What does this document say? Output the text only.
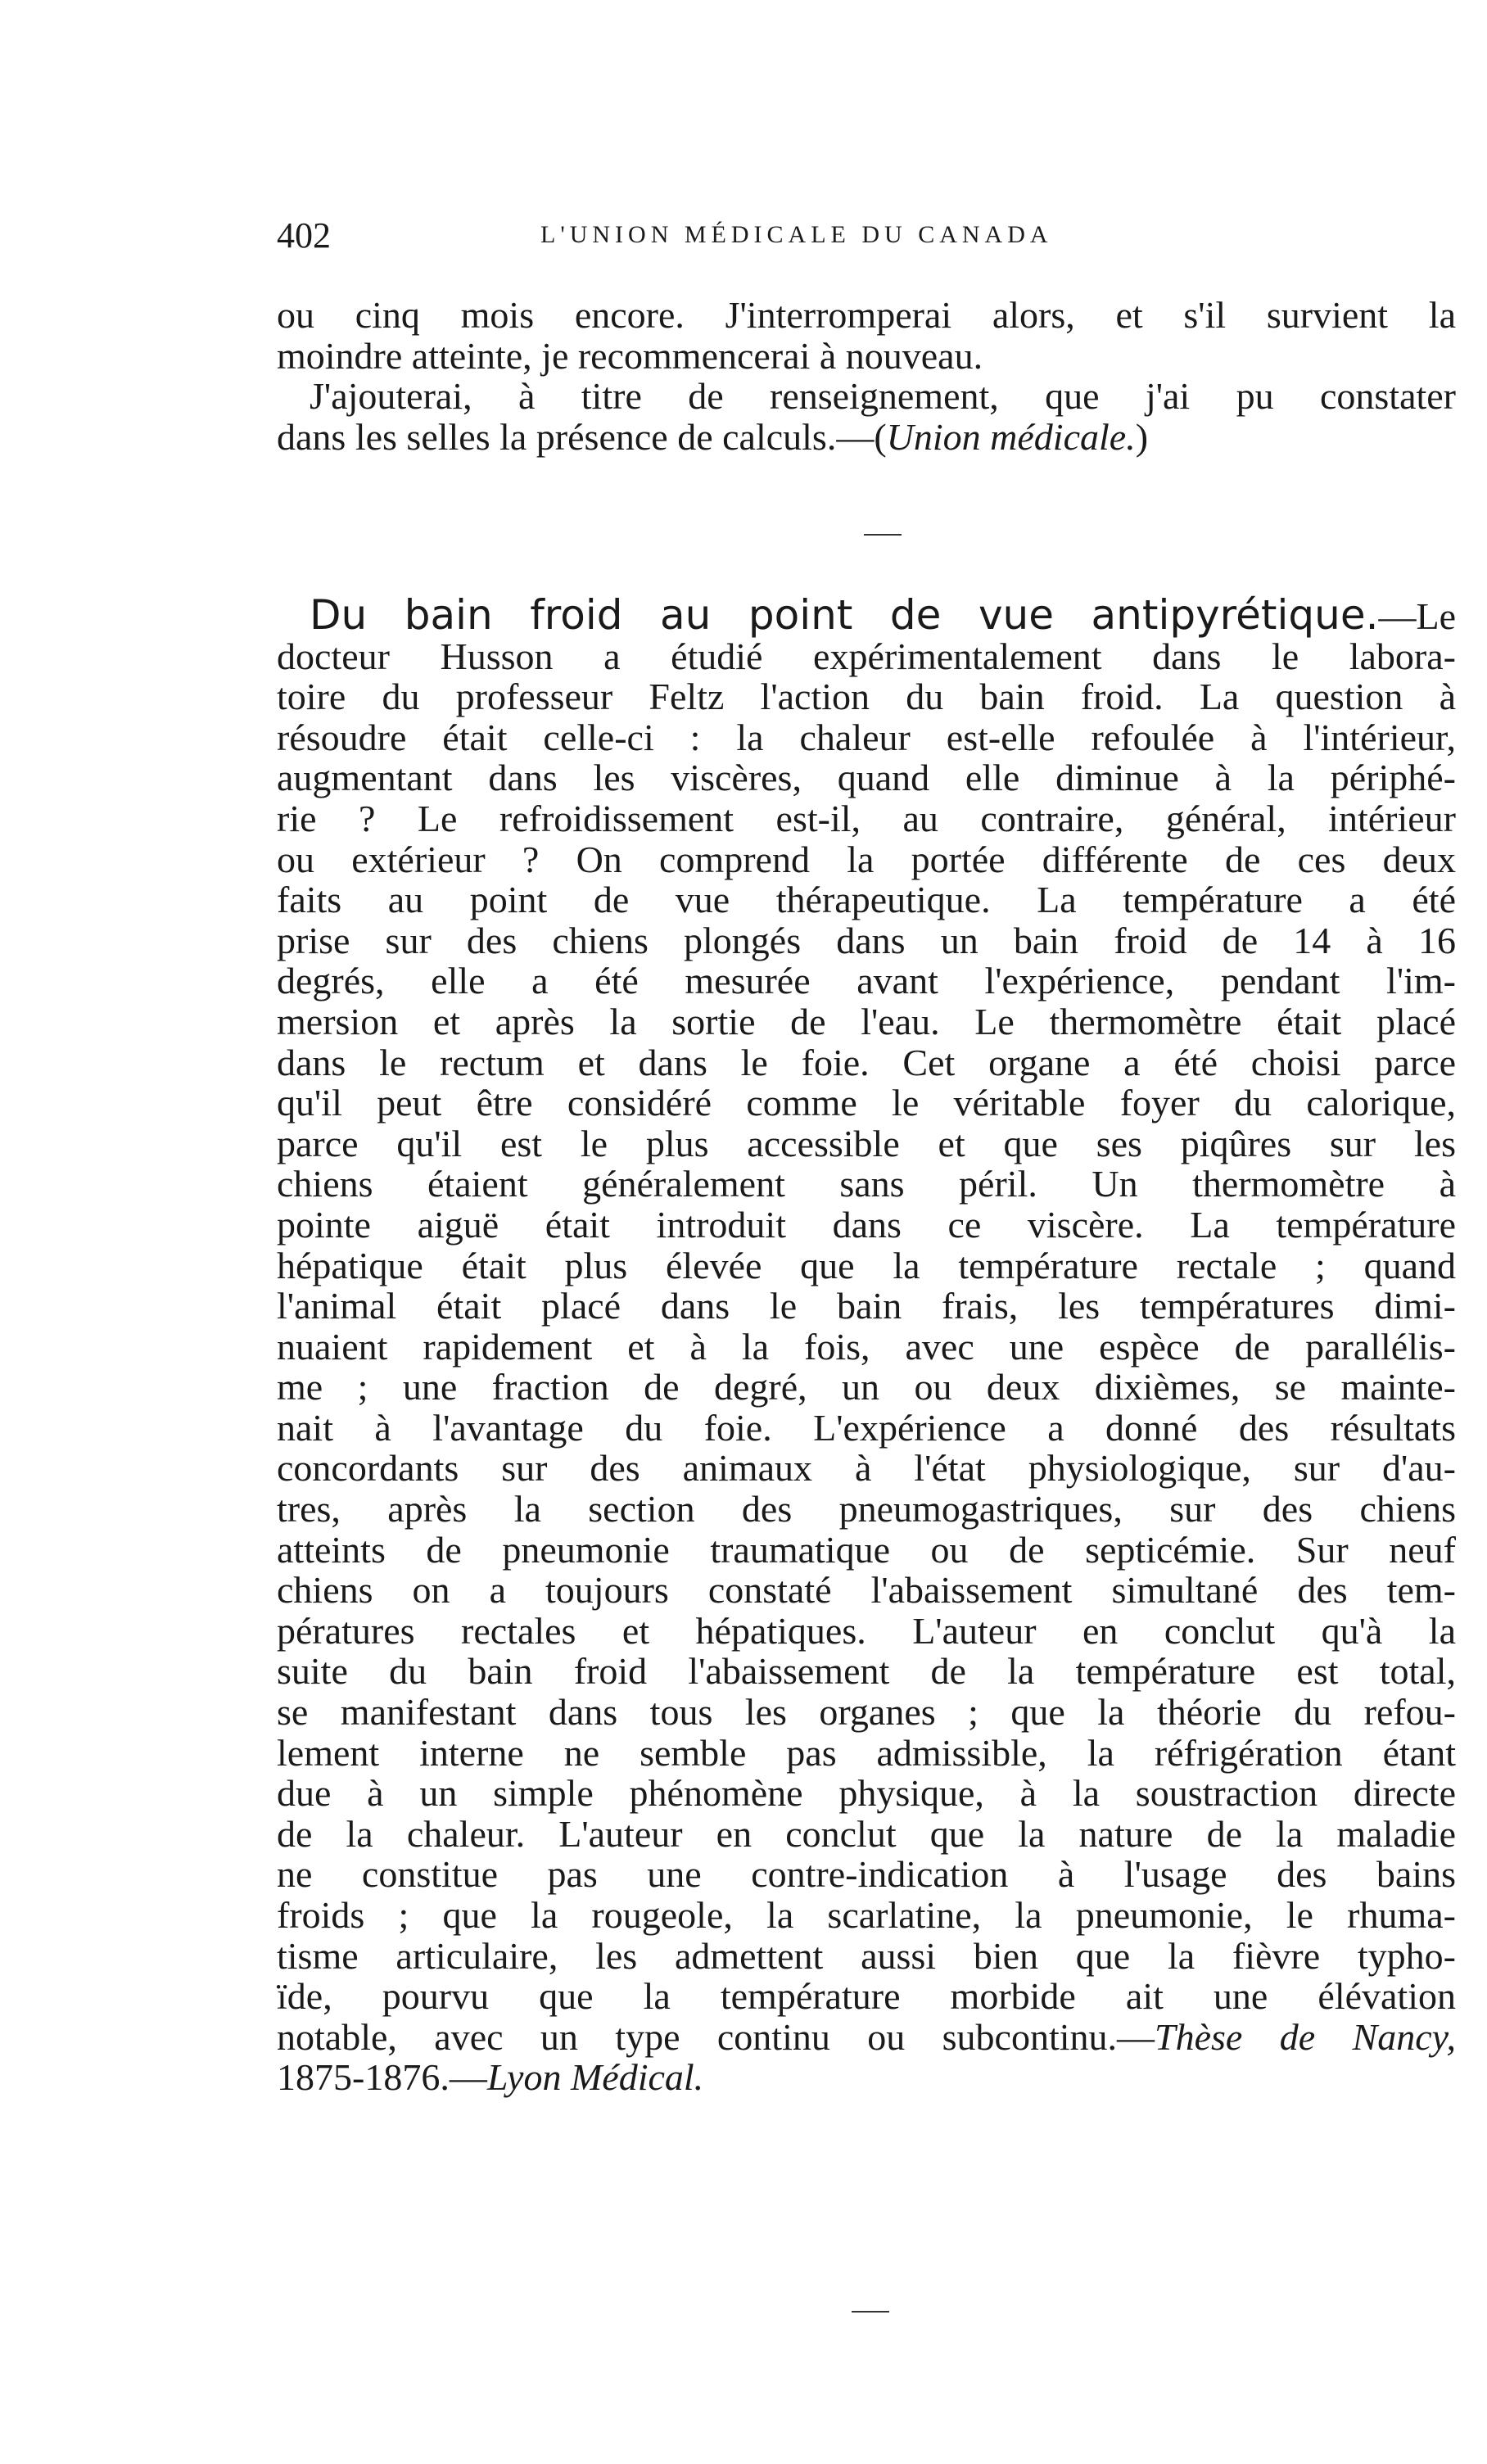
402	L'UNION MÉDICALE DU CANADA
ou cinq mois encore. J'interromperai alors, et s'il survient la
moindre atteinte, je recommencerai à nouveau.
J'ajouterai, à titre de renseignement, que j'ai pu constater
dans les selles la présence de calculs.—(Union médicale.)
Du bain froid au point de vue antipyrétique.—Le
docteur Husson a étudié expérimentalement dans le labora-
toire du professeur Feltz l'action du bain froid. La question à
résoudre était celle-ci : la chaleur est-elle refoulée à l'intérieur,
augmentant dans les viscères, quand elle diminue à la périphé-
rie ? Le refroidissement est-il, au contraire, général, intérieur
ou extérieur ? On comprend la portée différente de ces deux
faits au point de vue thérapeutique. La température a été
prise sur des chiens plongés dans un bain froid de 14 à 16
degrés, elle a été mesurée avant l'expérience, pendant l'im-
mersion et après la sortie de l'eau. Le thermomètre était placé
dans le rectum et dans le foie. Cet organe a été choisi parce
qu'il peut être considéré comme le véritable foyer du calorique,
parce qu'il est le plus accessible et que ses piqûres sur les
chiens étaient généralement sans péril. Un thermomètre à
pointe aiguë était introduit dans ce viscère. La température
hépatique était plus élevée que la température rectale ; quand
l'animal était placé dans le bain frais, les températures dimi-
nuaient rapidement et à la fois, avec une espèce de parallélis-
me ; une fraction de degré, un ou deux dixièmes, se mainte-
nait à l'avantage du foie. L'expérience a donné des résultats
concordants sur des animaux à l'état physiologique, sur d'au-
tres, après la section des pneumogastriques, sur des chiens
atteints de pneumonie traumatique ou de septicémie. Sur neuf
chiens on a toujours constaté l'abaissement simultané des tem-
pératures rectales et hépatiques. L'auteur en conclut qu'à la
suite du bain froid l'abaissement de la température est total,
se manifestant dans tous les organes ; que la théorie du refou-
lement interne ne semble pas admissible, la réfrigération étant
due à un simple phénomène physique, à la soustraction directe
de la chaleur. L'auteur en conclut que la nature de la maladie
ne constitue pas une contre-indication à l'usage des bains
froids ; que la rougeole, la scarlatine, la pneumonie, le rhuma-
tisme articulaire, les admettent aussi bien que la fièvre typho-
ïde, pourvu que la température morbide ait une élévation
notable, avec un type continu ou subcontinu.—Thèse de Nancy,
1875-1876.—Lyon Médical.
